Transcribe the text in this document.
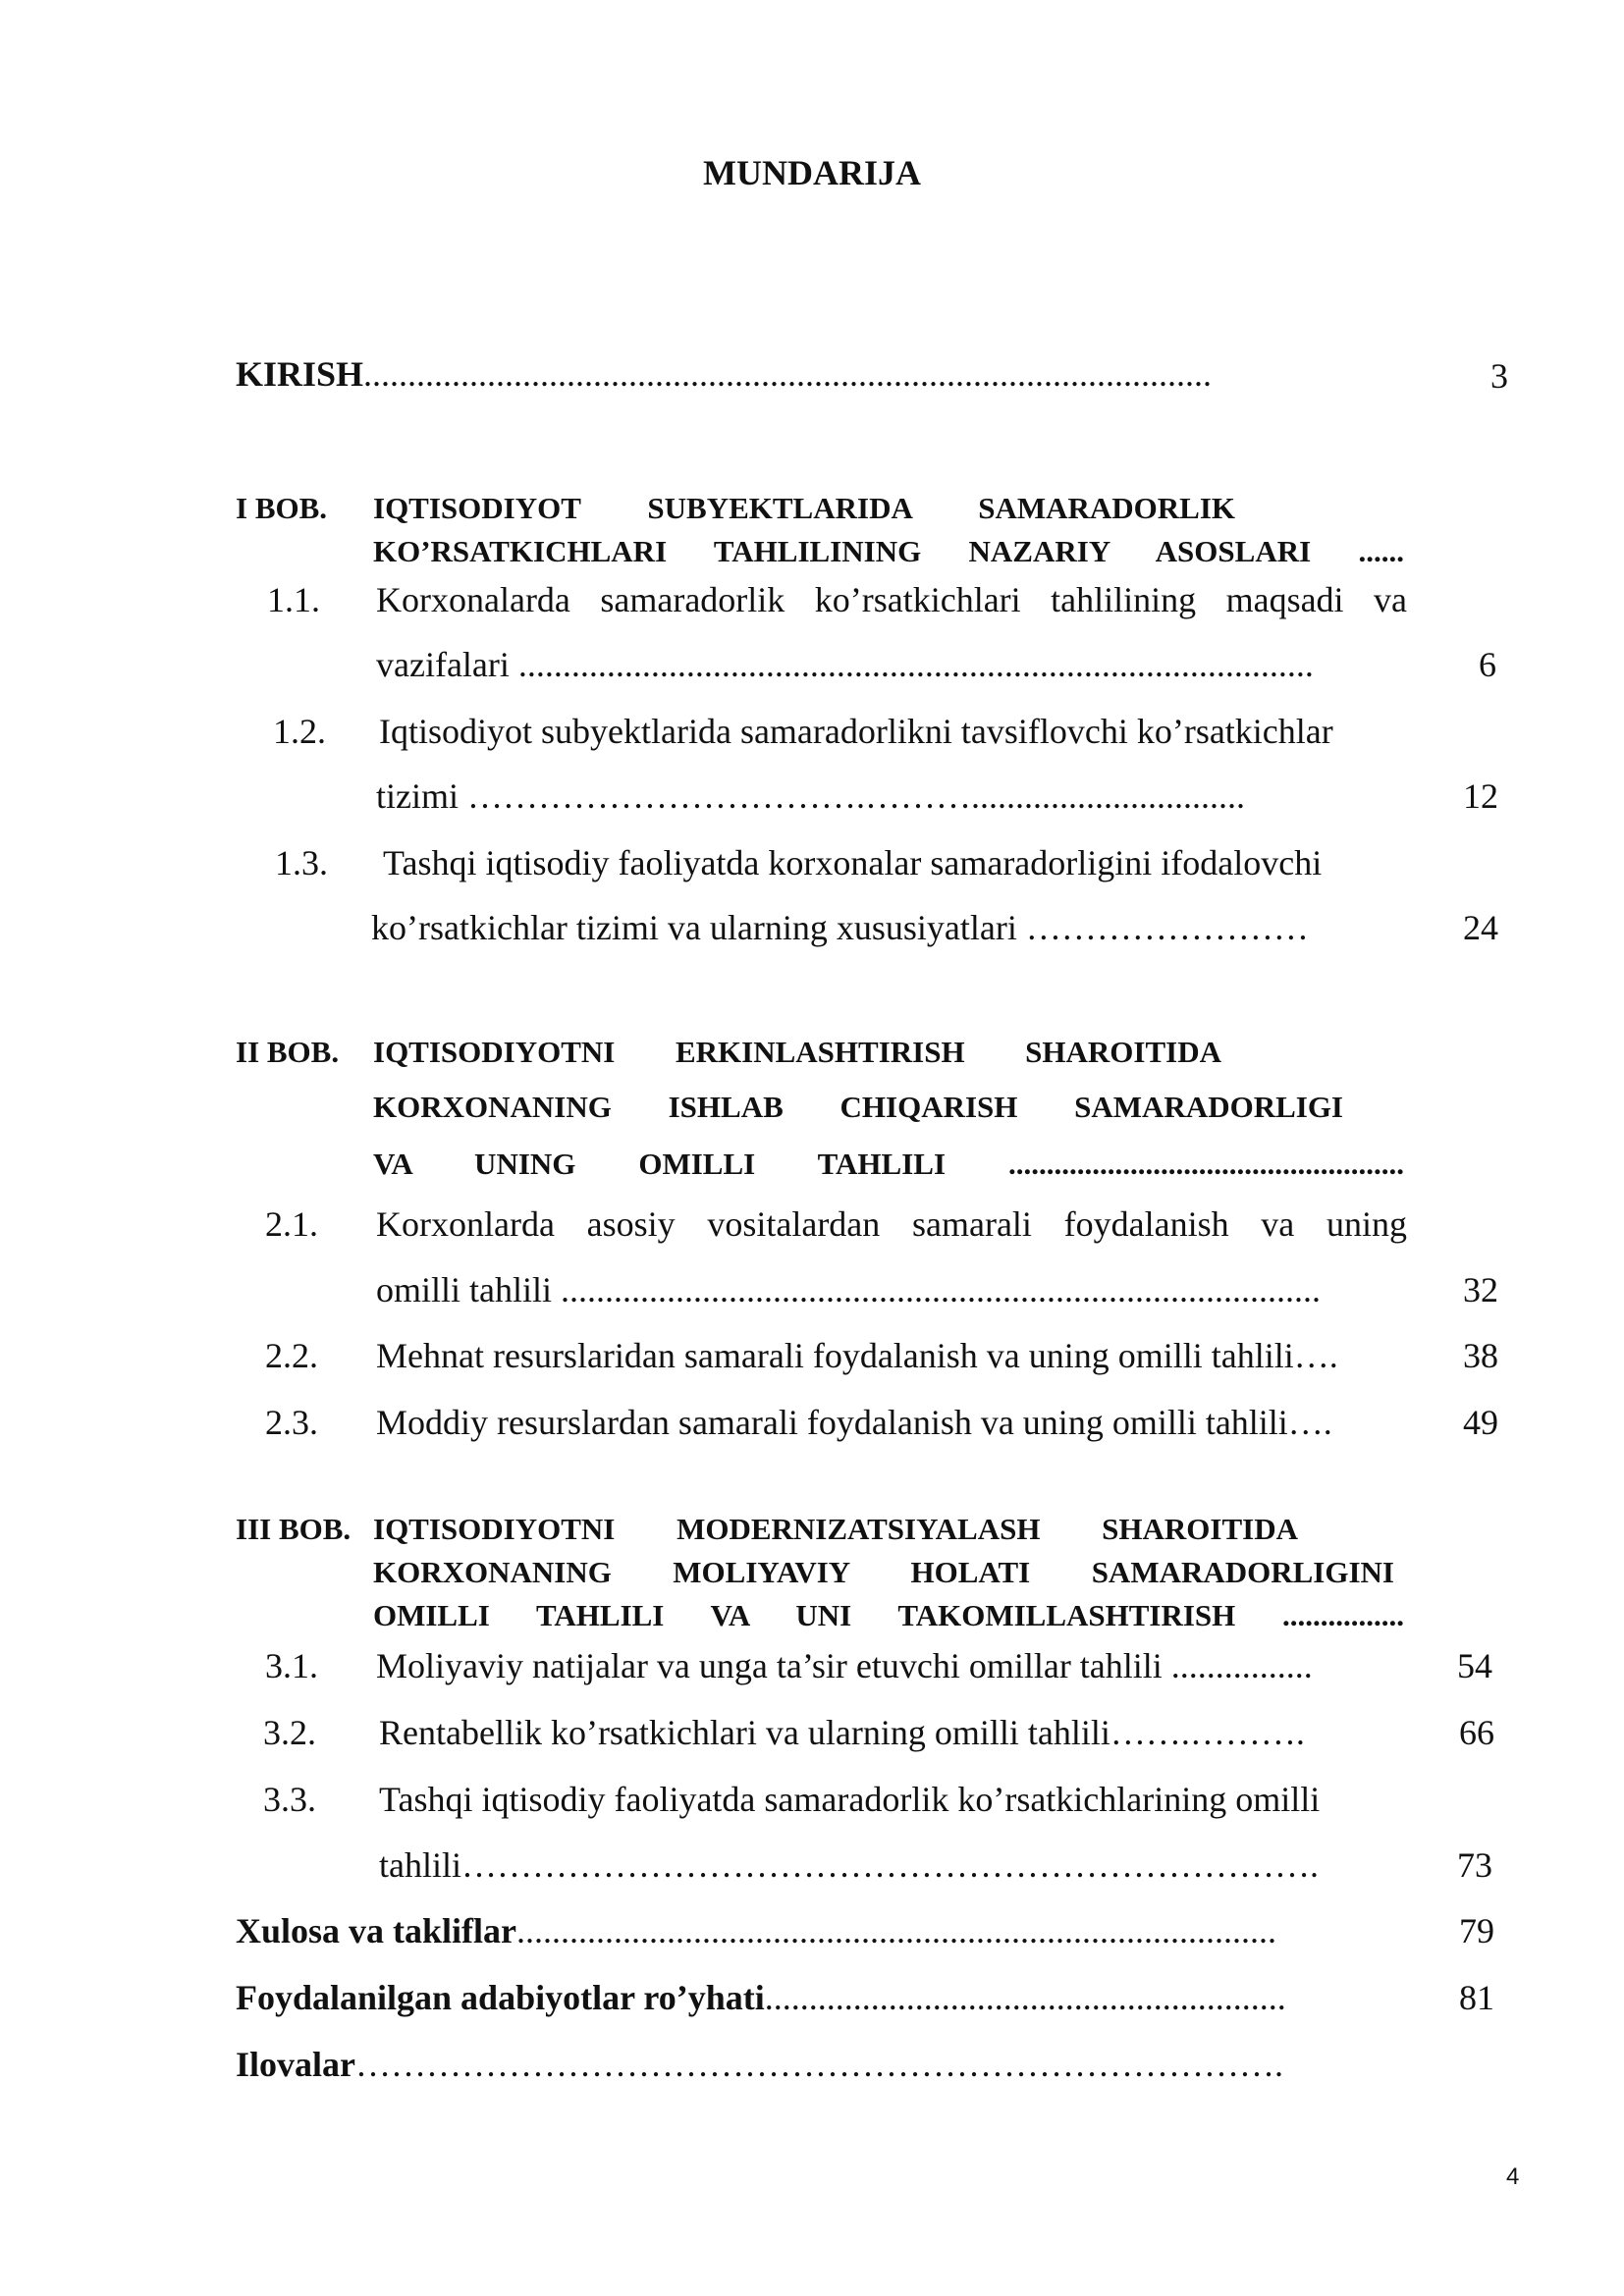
MUNDARIJA
KIRISH................................................................................................	3
I BOB. IQTISODIYOT SUBYEKTLARIDA SAMARADORLIK
KO’RSATKICHLARI TAHLILINING NAZARIY ASOSLARI ......
1.1. Korxonalarda samaradorlik ko’rsatkichlari tahlilining maqsadi va
vazifalari ..........................................................................................	6
1.2. Iqtisodiyot subyektlarida samaradorlikni tavsiflovchi ko’rsatkichlar
tizimi …………………………….………...............................	12
1.3. Tashqi iqtisodiy faoliyatda korxonalar samaradorligini ifodalovchi
ko’rsatkichlar tizimi va ularning xususiyatlari ……………………	24
II BOB. IQTISODIYOTNI ERKINLASHTIRISH SHAROITIDA
KORXONANING ISHLAB CHIQARISH SAMARADORLIGI
VA UNING OMILLI TAHLILI ....................................................
2.1. Korxonlarda asosiy vositalardan samarali foydalanish va uning
omilli tahlili ......................................................................................	32
2.2. Mehnat resurslaridan samarali foydalanish va uning omilli tahlili….	38
2.3. Moddiy resurslardan samarali foydalanish va uning omilli tahlili….	49
III BOB. IQTISODIYOTNI MODERNIZATSIYALASH SHAROITIDA
KORXONANING MOLIYAVIY HOLATI SAMARADORLIGINI
OMILLI TAHLILI VA UNI TAKOMILLASHTIRISH ................
3.1. Moliyaviy natijalar va unga ta’sir etuvchi omillar tahlili ................	54
3.2. Rentabellik ko’rsatkichlari va ularning omilli tahlili…….……….	66
3.3. Tashqi iqtisodiy faoliyatda samaradorlik ko’rsatkichlarining omilli
tahlili……………………………………………………………….	73
Xulosa va takliflar......................................................................................	79
Foydalanilgan adabiyotlar ro’yhati...........................................................	81
Ilovalar…………………………………………………………………….
4
